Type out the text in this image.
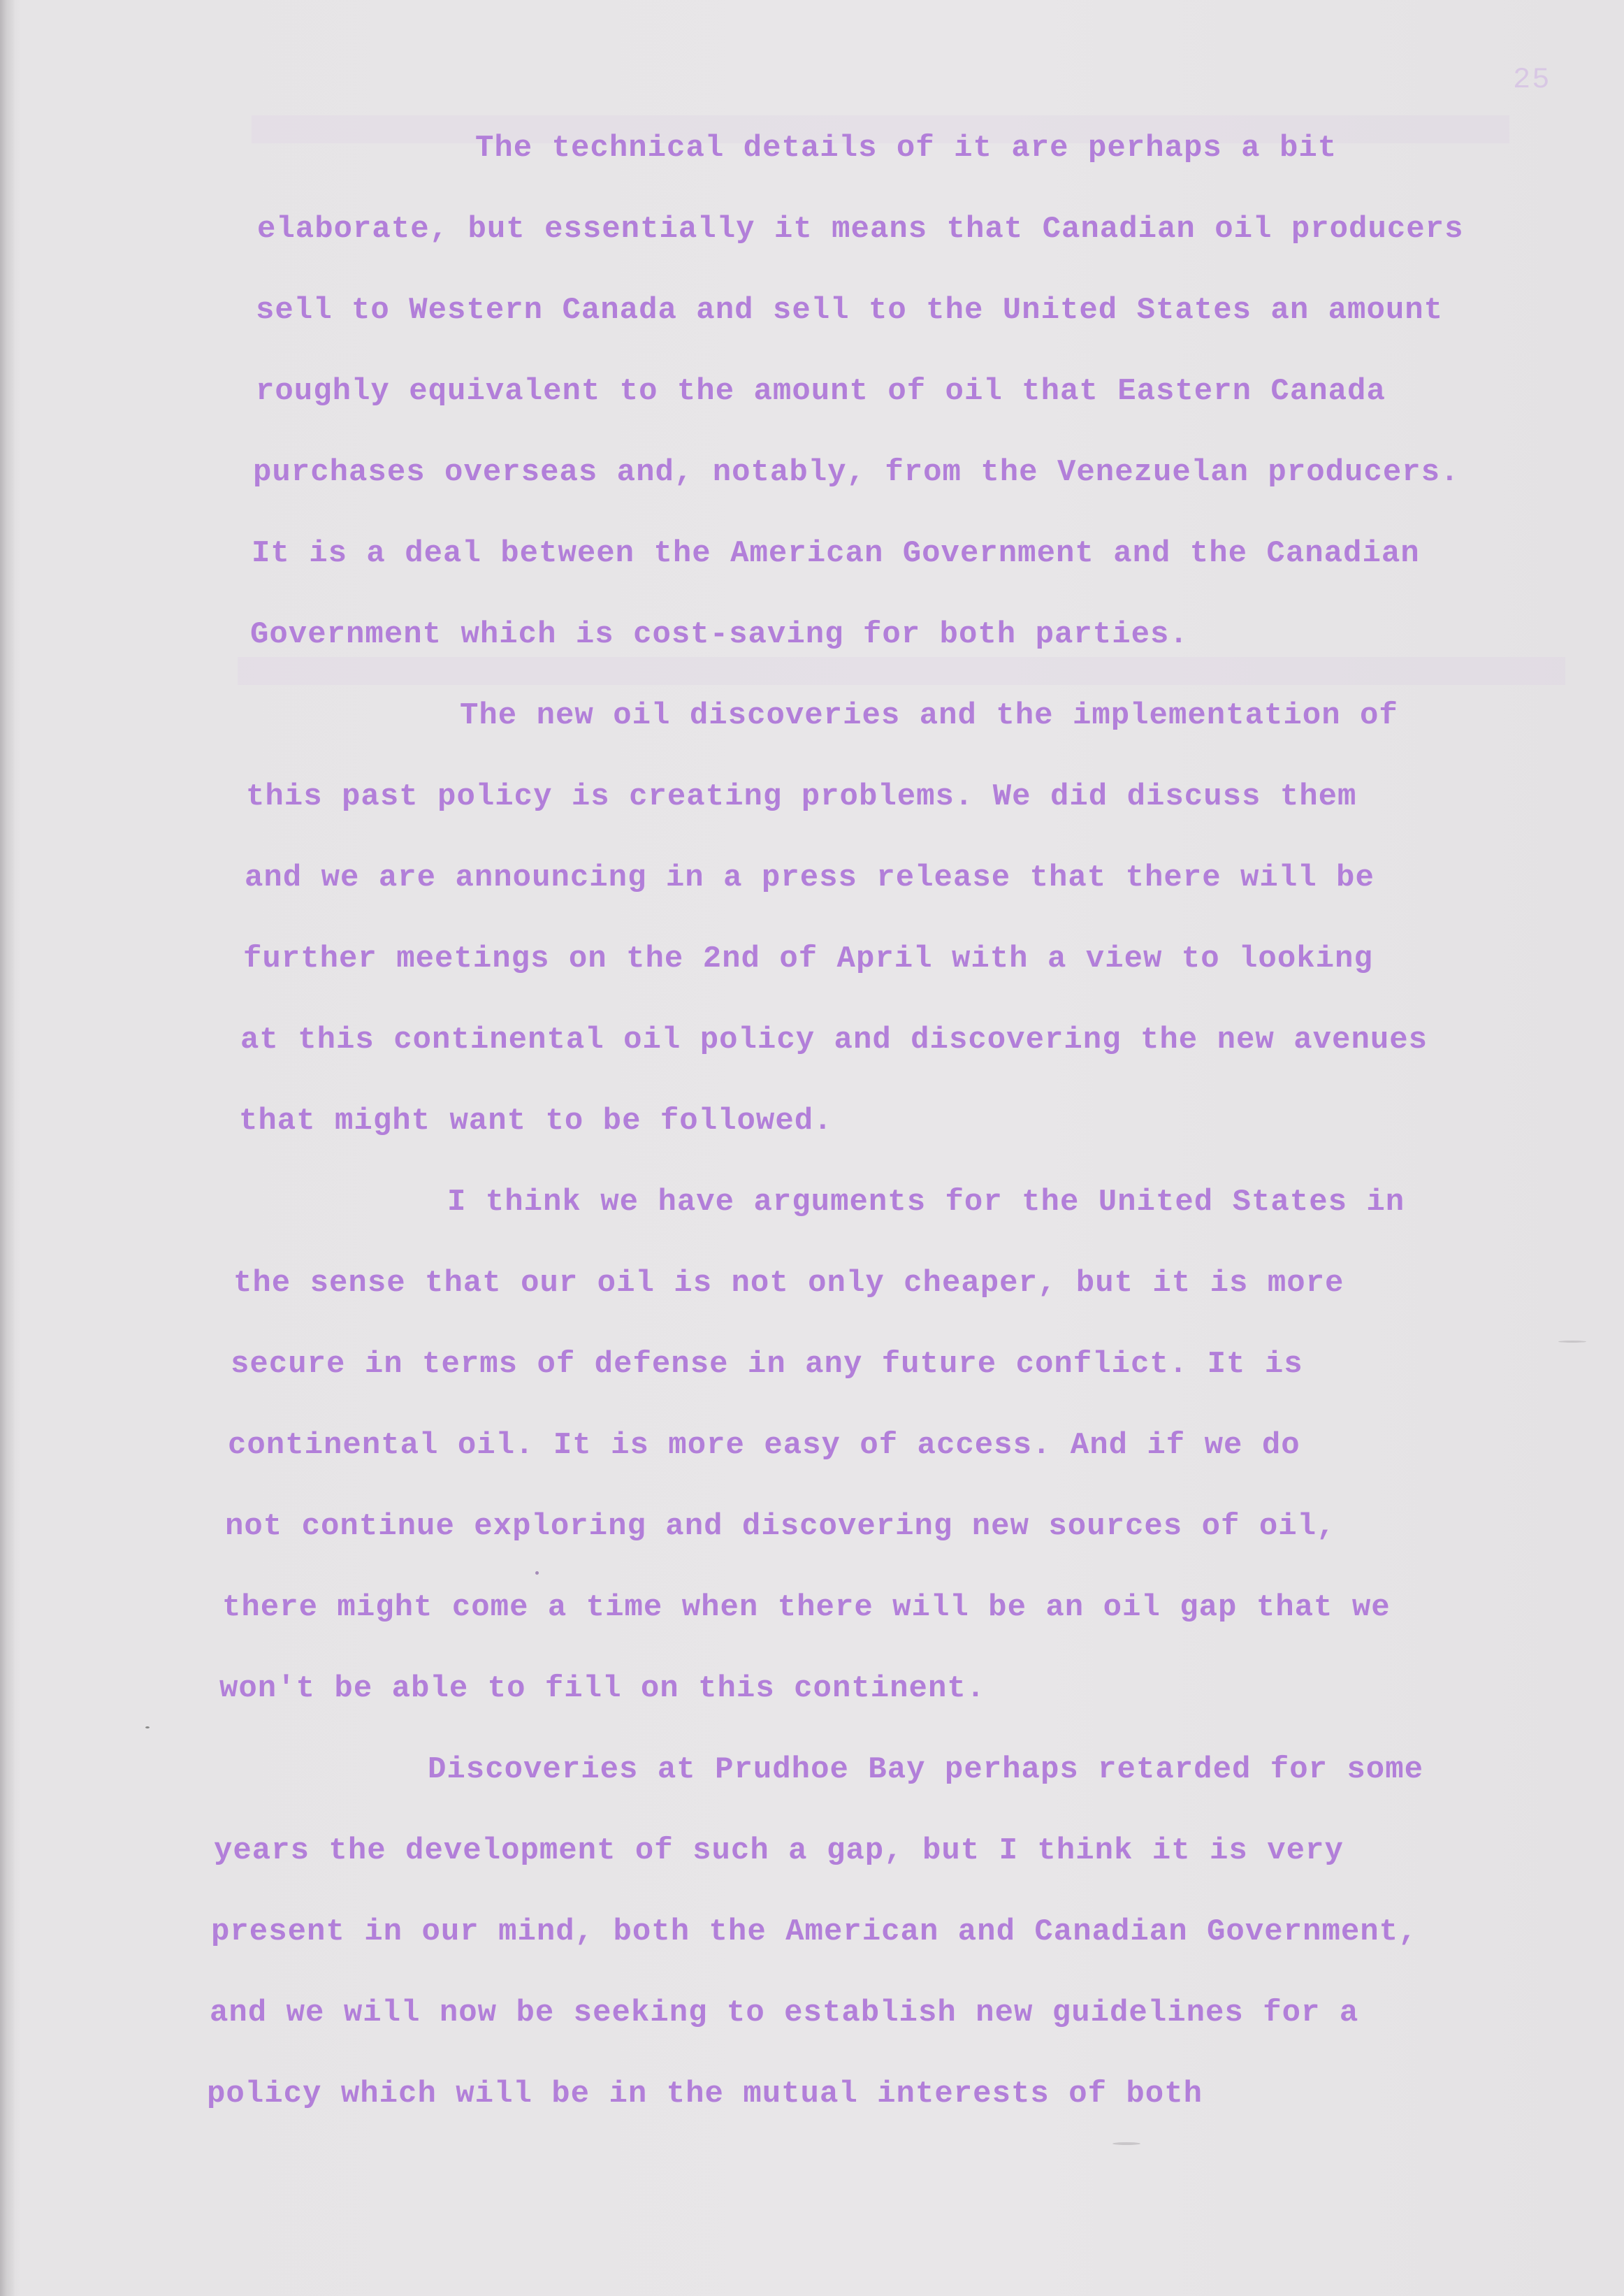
25
The technical details of it are perhaps a bit
elaborate, but essentially it means that Canadian oil producers
sell to Western Canada and sell to the United States an amount
roughly equivalent to the amount of oil that Eastern Canada
purchases overseas and, notably, from the Venezuelan producers.
It is a deal between the American Government and the Canadian
Government which is cost-saving for both parties.
The new oil discoveries and the implementation of
this past policy is creating problems. We did discuss them
and we are announcing in a press release that there will be
further meetings on the 2nd of April with a view to looking
at this continental oil policy and discovering the new avenues
that might want to be followed.
I think we have arguments for the United States in
the sense that our oil is not only cheaper, but it is more
secure in terms of defense in any future conflict. It is
continental oil. It is more easy of access. And if we do
not continue exploring and discovering new sources of oil,
there might come a time when there will be an oil gap that we
won't be able to fill on this continent.
Discoveries at Prudhoe Bay perhaps retarded for some
years the development of such a gap, but I think it is very
present in our mind, both the American and Canadian Government,
and we will now be seeking to establish new guidelines for a
policy which will be in the mutual interests of both
